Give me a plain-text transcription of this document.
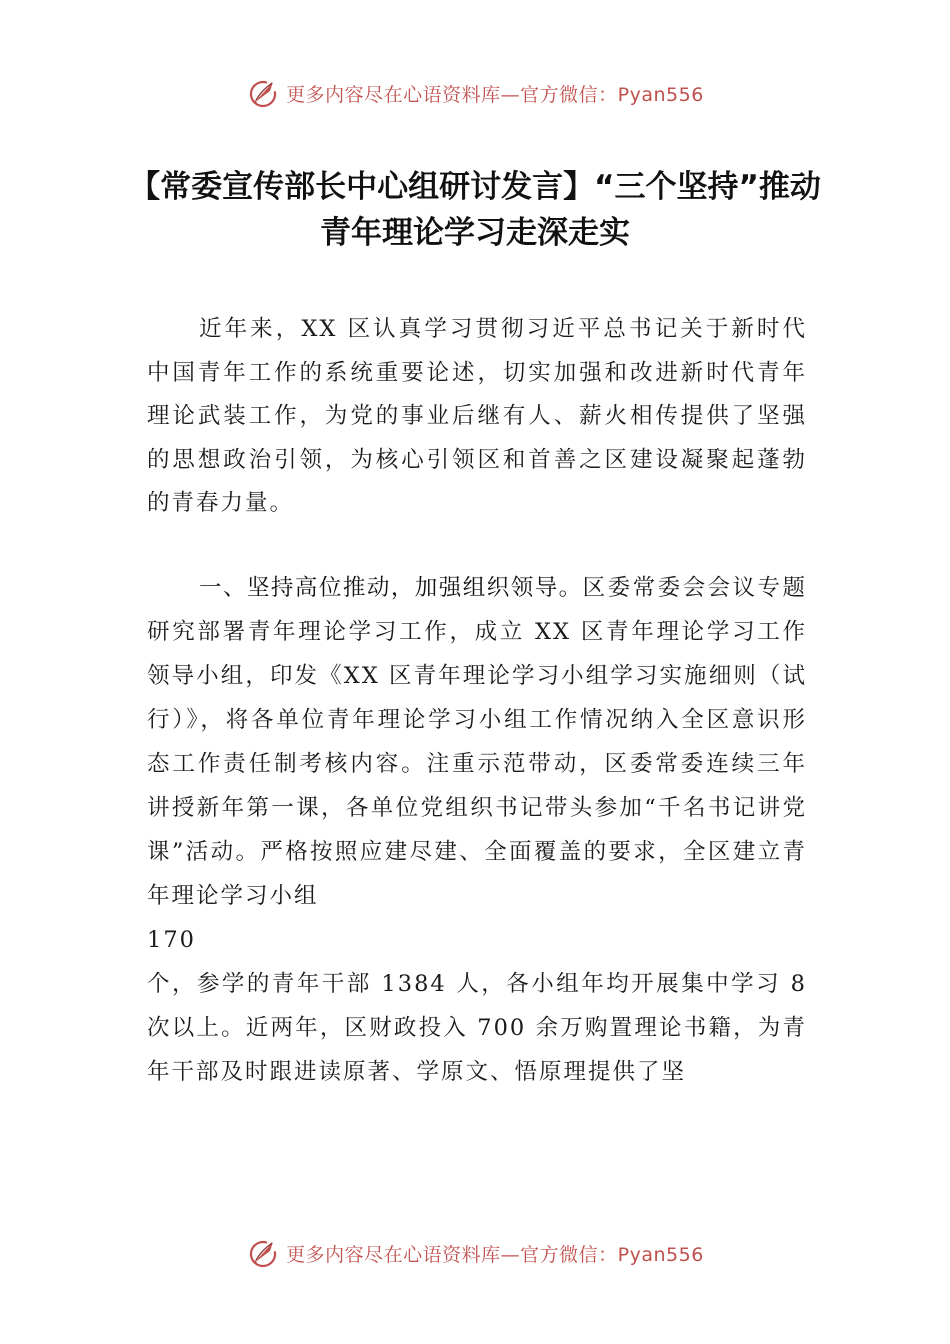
更多内容尽在心语资料库—官方微信：Pyan556
【常委宣传部长中心组研讨发言】“三个坚持”推动青年理论学习走深走实

近年来，XX 区认真学习贯彻习近平总书记关于新时代中国青年工作的系统重要论述，切实加强和改进新时代青年理论武装工作，为党的事业后继有人、薪火相传提供了坚强的思想政治引领，为核心引领区和首善之区建设凝聚起蓬勃的青春力量。

一、坚持高位推动，加强组织领导。区委常委会会议专题研究部署青年理论学习工作，成立 XX 区青年理论学习工作领导小组，印发《XX 区青年理论学习小组学习实施细则（试行）》，将各单位青年理论学习小组工作情况纳入全区意识形态工作责任制考核内容。注重示范带动，区委常委连续三年讲授新年第一课，各单位党组织书记带头参加“千名书记讲党课”活动。严格按照应建尽建、全面覆盖的要求，全区建立青年理论学习小组
170
个，参学的青年干部 1384 人，各小组年均开展集中学习 8 次以上。近两年，区财政投入 700 余万购置理论书籍，为青年干部及时跟进读原著、学原文、悟原理提供了坚

更多内容尽在心语资料库—官方微信：Pyan556
